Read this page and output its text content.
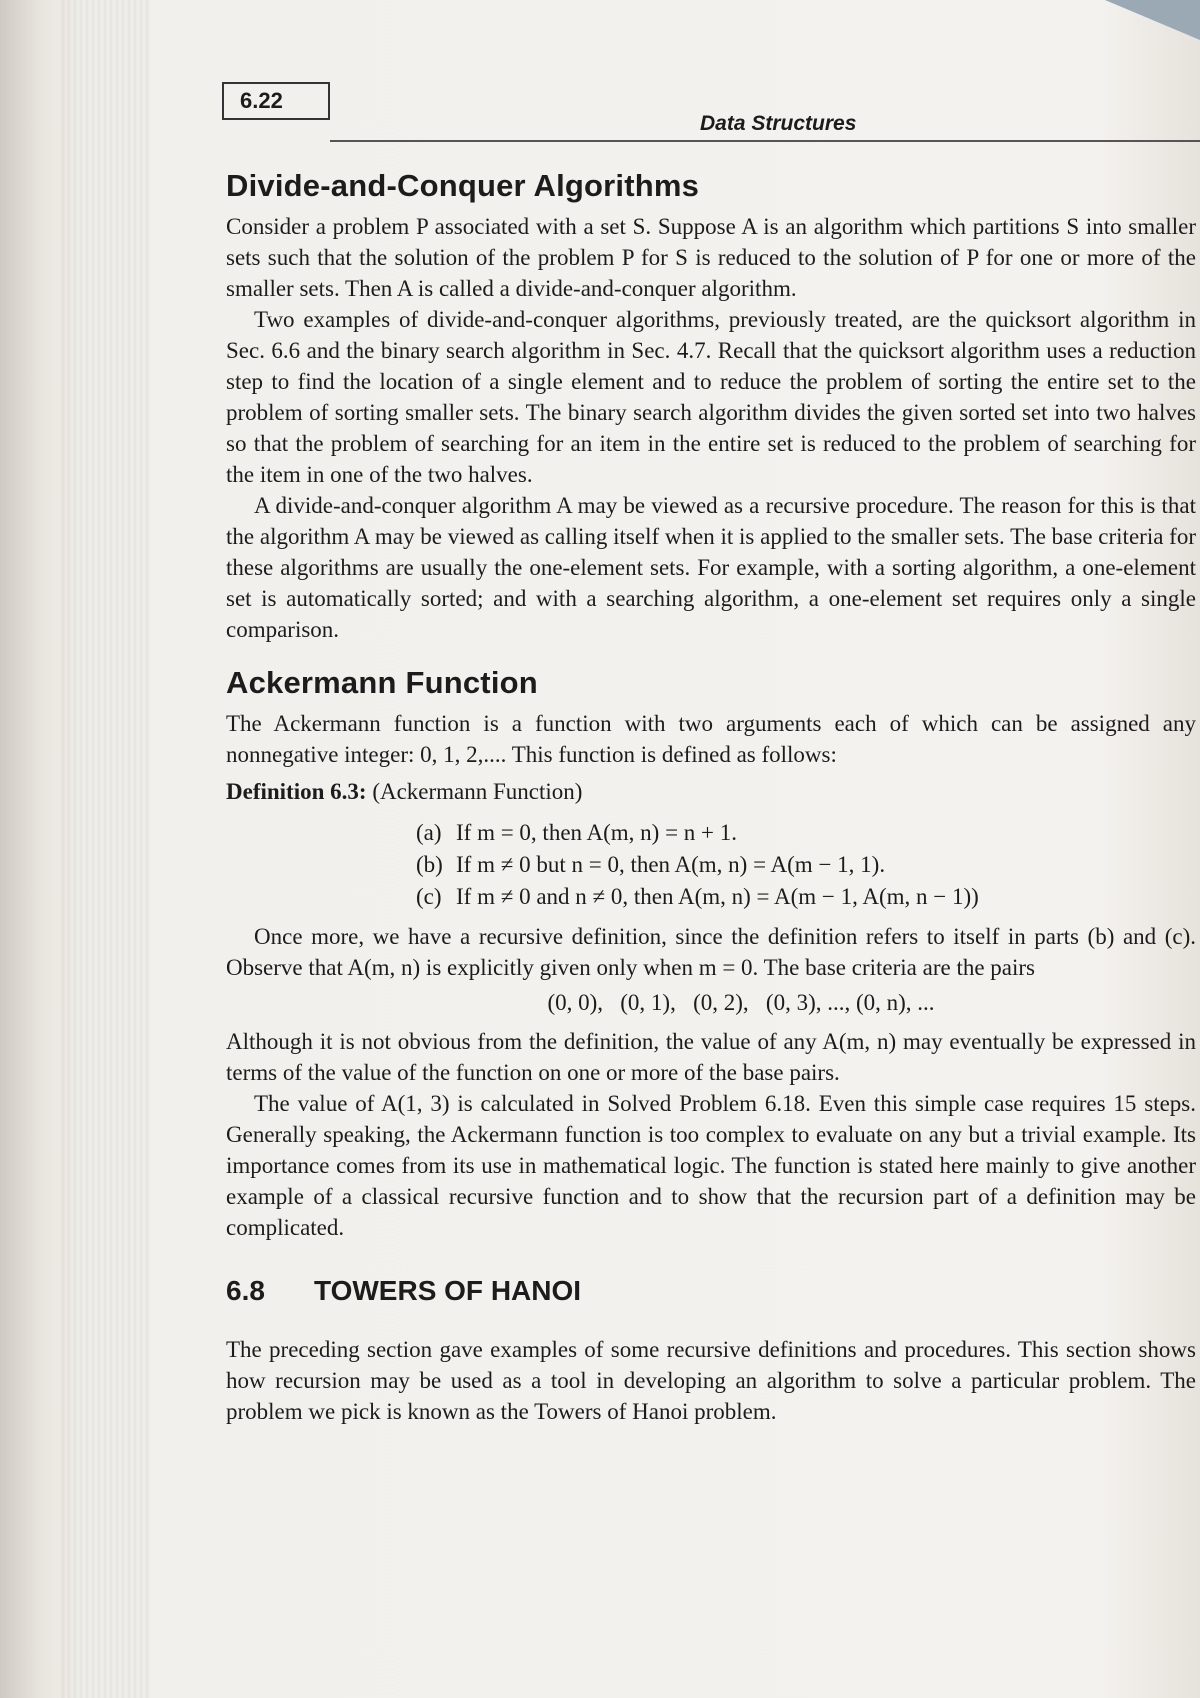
6.22
Data Structures
Divide-and-Conquer Algorithms

Consider a problem P associated with a set S. Suppose A is an algorithm which partitions S into smaller sets such that the solution of the problem P for S is reduced to the solution of P for one or more of the smaller sets. Then A is called a divide-and-conquer algorithm.

Two examples of divide-and-conquer algorithms, previously treated, are the quicksort algorithm in Sec. 6.6 and the binary search algorithm in Sec. 4.7. Recall that the quicksort algorithm uses a reduction step to find the location of a single element and to reduce the problem of sorting the entire set to the problem of sorting smaller sets. The binary search algorithm divides the given sorted set into two halves so that the problem of searching for an item in the entire set is reduced to the problem of searching for the item in one of the two halves.

A divide-and-conquer algorithm A may be viewed as a recursive procedure. The reason for this is that the algorithm A may be viewed as calling itself when it is applied to the smaller sets. The base criteria for these algorithms are usually the one-element sets. For example, with a sorting algorithm, a one-element set is automatically sorted; and with a searching algorithm, a one-element set requires only a single comparison.

Ackermann Function

The Ackermann function is a function with two arguments each of which can be assigned any nonnegative integer: 0, 1, 2,.... This function is defined as follows:

Definition 6.3: (Ackermann Function)

(a) If m = 0, then A(m, n) = n + 1.

(b) If m ≠ 0 but n = 0, then A(m, n) = A(m − 1, 1).

(c) If m ≠ 0 and n ≠ 0, then A(m, n) = A(m − 1, A(m, n − 1))

Once more, we have a recursive definition, since the definition refers to itself in parts (b) and (c). Observe that A(m, n) is explicitly given only when m = 0. The base criteria are the pairs

(0, 0),   (0, 1),   (0, 2),   (0, 3), ..., (0, n), ...

Although it is not obvious from the definition, the value of any A(m, n) may eventually be expressed in terms of the value of the function on one or more of the base pairs.

The value of A(1, 3) is calculated in Solved Problem 6.18. Even this simple case requires 15 steps. Generally speaking, the Ackermann function is too complex to evaluate on any but a trivial example. Its importance comes from its use in mathematical logic. The function is stated here mainly to give another example of a classical recursive function and to show that the recursion part of a definition may be complicated.

6.8 TOWERS OF HANOI

The preceding section gave examples of some recursive definitions and procedures. This section shows how recursion may be used as a tool in developing an algorithm to solve a particular problem. The problem we pick is known as the Towers of Hanoi problem.
